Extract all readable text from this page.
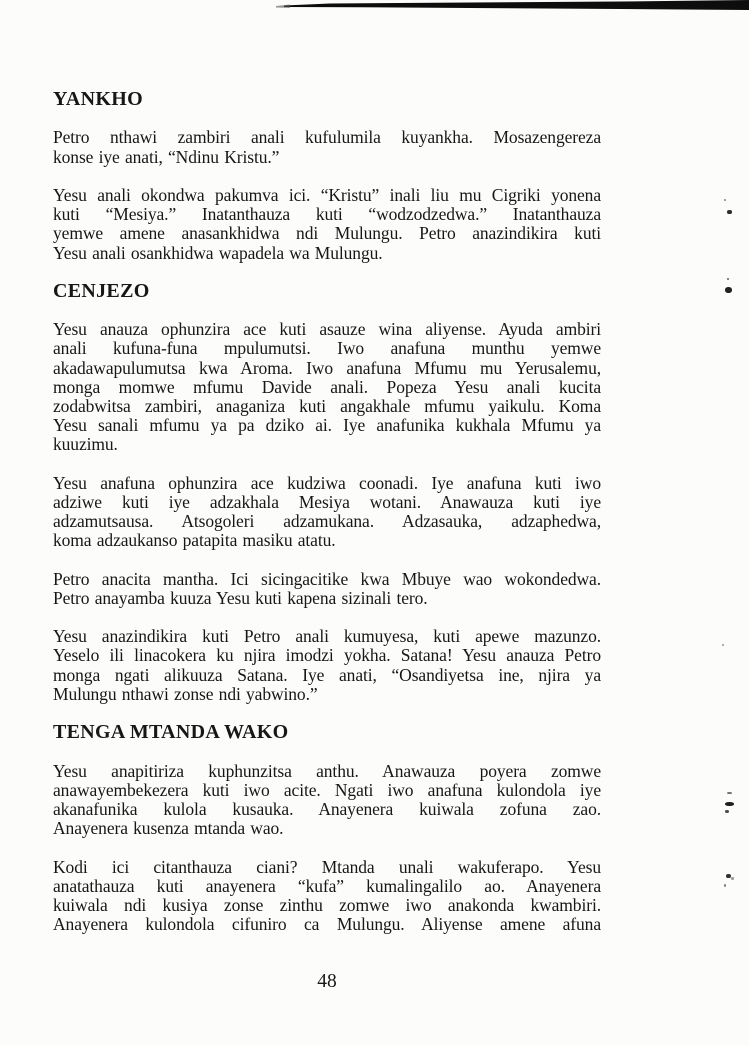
YANKHO
Petro nthawi zambiri anali kufulumila kuyankha. Mosazengereza
konse iye anati, “Ndinu Kristu.”
Yesu anali okondwa pakumva ici. “Kristu” inali liu mu Cigriki yonena
kuti “Mesiya.” Inatanthauza kuti “wodzodzedwa.” Inatanthauza
yemwe amene anasankhidwa ndi Mulungu. Petro anazindikira kuti
Yesu anali osankhidwa wapadela wa Mulungu.
CENJEZO
Yesu anauza ophunzira ace kuti asauze wina aliyense. Ayuda ambiri
anali kufuna-funa mpulumutsi. Iwo anafuna munthu yemwe
akadawapulumutsa kwa Aroma. Iwo anafuna Mfumu mu Yerusalemu,
monga momwe mfumu Davide anali. Popeza Yesu anali kucita
zodabwitsa zambiri, anaganiza kuti angakhale mfumu yaikulu. Koma
Yesu sanali mfumu ya pa dziko ai. Iye anafunika kukhala Mfumu ya
kuuzimu.
Yesu anafuna ophunzira ace kudziwa coonadi. Iye anafuna kuti iwo
adziwe kuti iye adzakhala Mesiya wotani. Anawauza kuti iye
adzamutsausa. Atsogoleri adzamukana. Adzasauka, adzaphedwa,
koma adzaukanso patapita masiku atatu.
Petro anacita mantha. Ici sicingacitike kwa Mbuye wao wokondedwa.
Petro anayamba kuuza Yesu kuti kapena sizinali tero.
Yesu anazindikira kuti Petro anali kumuyesa, kuti apewe mazunzo.
Yeselo ili linacokera ku njira imodzi yokha. Satana! Yesu anauza Petro
monga ngati alikuuza Satana. Iye anati, “Osandiyetsa ine, njira ya
Mulungu nthawi zonse ndi yabwino.”
TENGA MTANDA WAKO
Yesu anapitiriza kuphunzitsa anthu. Anawauza poyera zomwe
anawayembekezera kuti iwo acite. Ngati iwo anafuna kulondola iye
akanafunika kulola kusauka. Anayenera kuiwala zofuna zao.
Anayenera kusenza mtanda wao.
Kodi ici citanthauza ciani? Mtanda unali wakuferapo. Yesu
anatathauza kuti anayenera “kufa” kumalingalilo ao. Anayenera
kuiwala ndi kusiya zonse zinthu zomwe iwo anakonda kwambiri.
Anayenera kulondola cifuniro ca Mulungu. Aliyense amene afuna
48
